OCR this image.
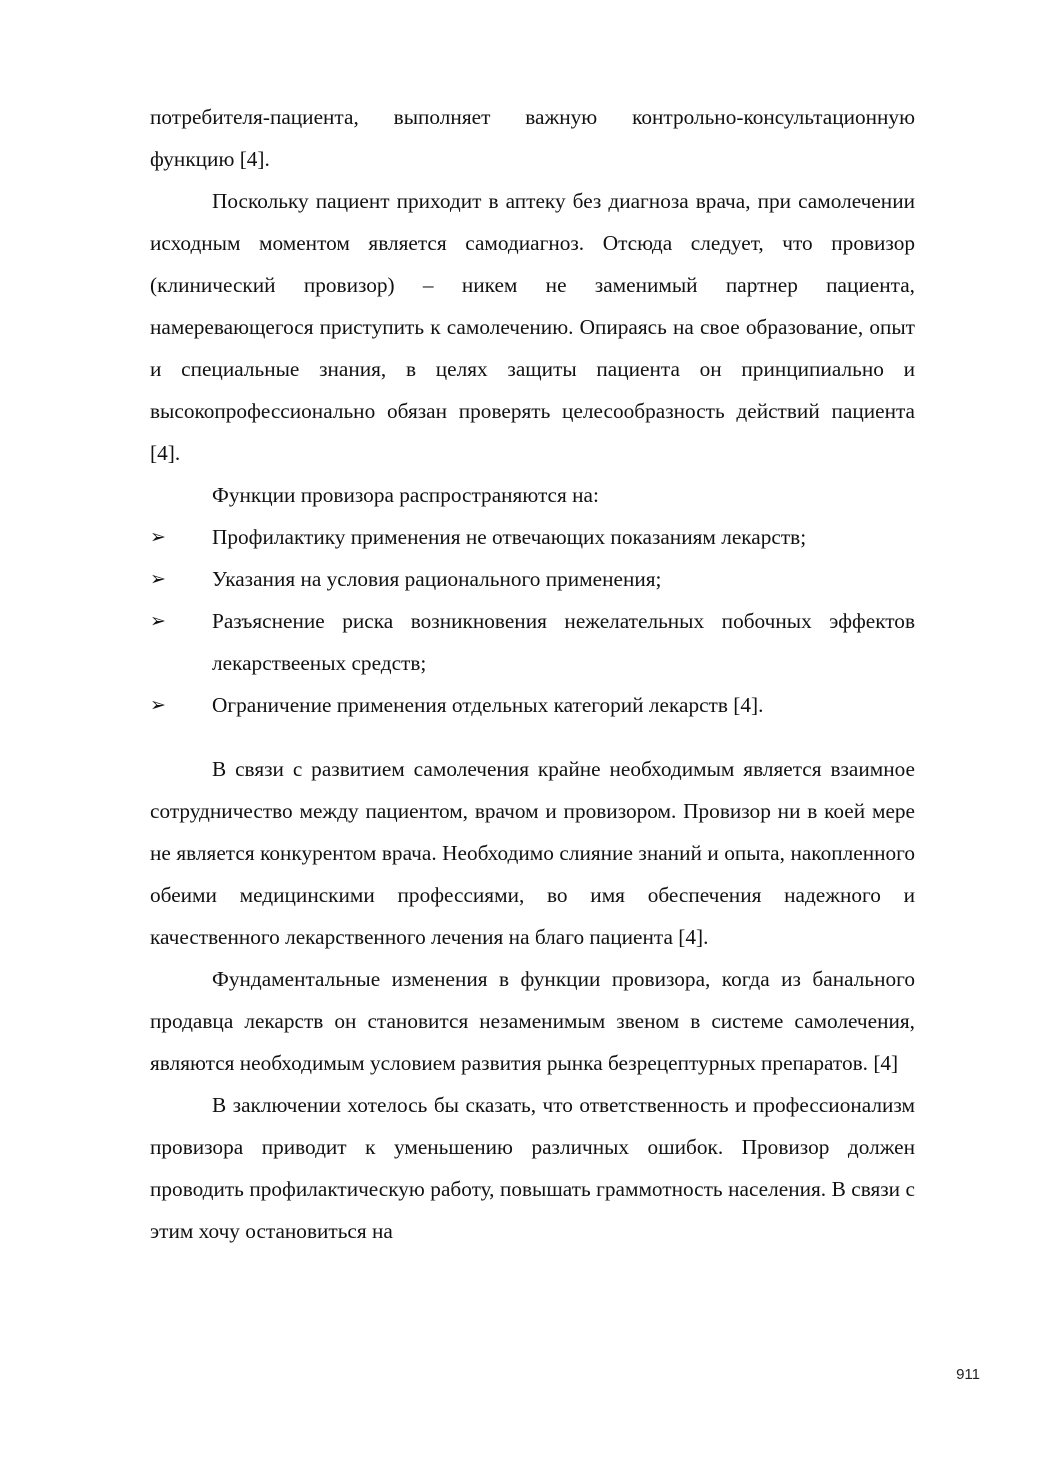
потребителя-пациента, выполняет важную контрольно-консультационную функцию [4].

Поскольку пациент приходит в аптеку без диагноза врача, при самолечении исходным моментом является самодиагноз. Отсюда следует, что провизор (клинический провизор) – никем не заменимый партнер пациента, намеревающегося приступить к самолечению. Опираясь на свое образование, опыт и специальные знания, в целях защиты пациента он принципиально и высокопрофессионально обязан проверять целесообразность действий пациента [4].

Функции провизора распространяются на:

➢ Профилактику применения не отвечающих показаниям лекарств;
➢ Указания на условия рационального применения;
➢ Разъяснение риска возникновения нежелательных побочных эффектов лекарствееных средств;
➢ Ограничение применения отдельных категорий лекарств [4].

В связи с развитием самолечения крайне необходимым является взаимное сотрудничество между пациентом, врачом и провизором. Провизор ни в коей мере не является конкурентом врача. Необходимо слияние знаний и опыта, накопленного обеими медицинскими профессиями, во имя обеспечения надежного и качественного лекарственного лечения на благо пациента [4].

Фундаментальные изменения в функции провизора, когда из банального продавца лекарств он становится незаменимым звеном в системе самолечения, являются необходимым условием развития рынка безрецептурных препаратов. [4]

В заключении хотелось бы сказать, что ответственность и профессионализм провизора приводит к уменьшению различных ошибок. Провизор должен проводить профилактическую работу, повышать граммотность населения. В связи с этим хочу остановиться на

911
